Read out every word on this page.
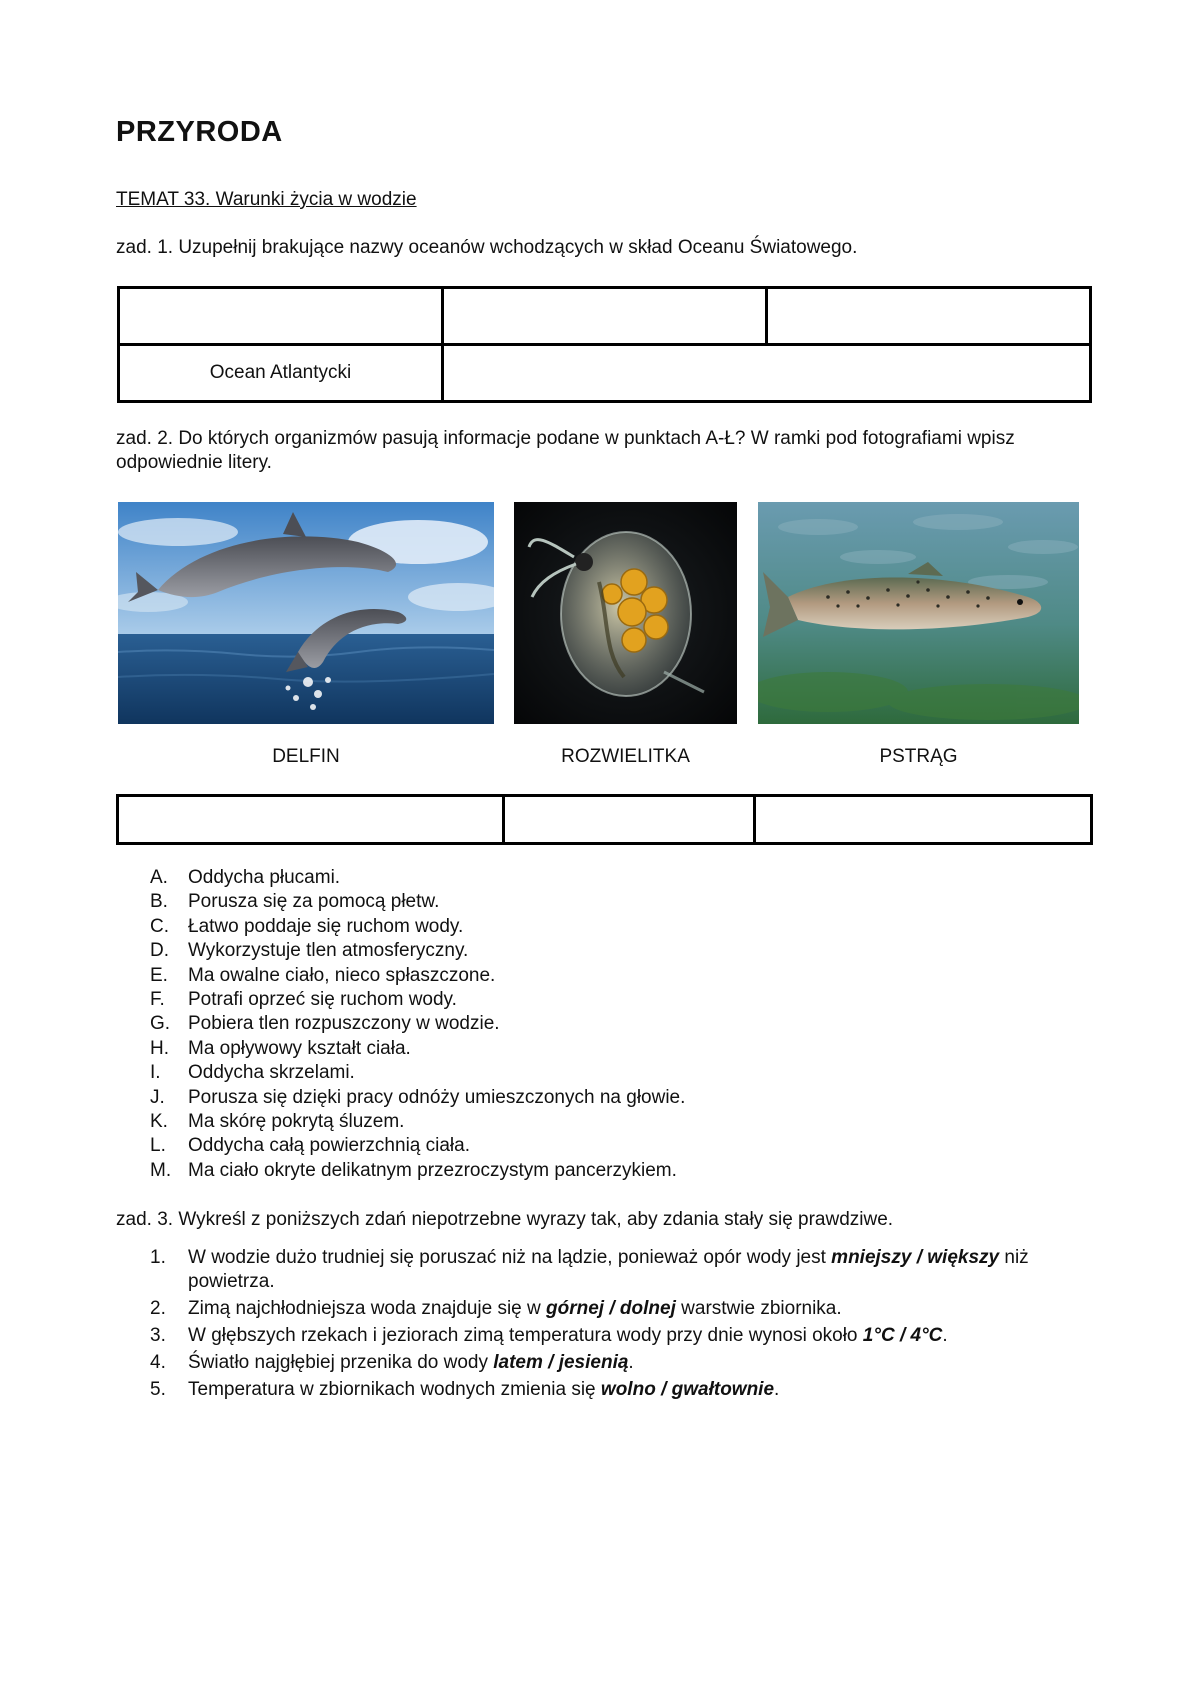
PRZYRODA
TEMAT 33. Warunki życia w wodzie
zad. 1. Uzupełnij brakujące nazwy oceanów wchodzących w skład Oceanu Światowego.

Ocean Atlantycki		
zad. 2. Do których organizmów pasują informacje podane w punktach A-Ł? W ramki pod fotografiami wpisz odpowiednie litery.
DELFIN	ROZWIELITKA	PSTRĄG

A. Oddycha płucami.
B. Porusza się za pomocą płetw.
C. Łatwo poddaje się ruchom wody.
D. Wykorzystuje tlen atmosferyczny.
E. Ma owalne ciało, nieco spłaszczone.
F. Potrafi oprzeć się ruchom wody.
G. Pobiera tlen rozpuszczony w wodzie.
H. Ma opływowy kształt ciała.
I. Oddycha skrzelami.
J. Porusza się dzięki pracy odnóży umieszczonych na głowie.
K. Ma skórę pokrytą śluzem.
L. Oddycha całą powierzchnią ciała.
M. Ma ciało okryte delikatnym przezroczystym pancerzykiem.
zad. 3. Wykreśl z poniższych zdań niepotrzebne wyrazy tak, aby zdania stały się prawdziwe.
1. W wodzie dużo trudniej się poruszać niż na lądzie, ponieważ opór wody jest mniejszy / większy niż powietrza.
2. Zimą najchłodniejsza woda znajduje się w górnej / dolnej warstwie zbiornika.
3. W głębszych rzekach i jeziorach zimą temperatura wody przy dnie wynosi około 1°C / 4°C.
4. Światło najgłębiej przenika do wody latem / jesienią.
5. Temperatura w zbiornikach wodnych zmienia się wolno / gwałtownie.
